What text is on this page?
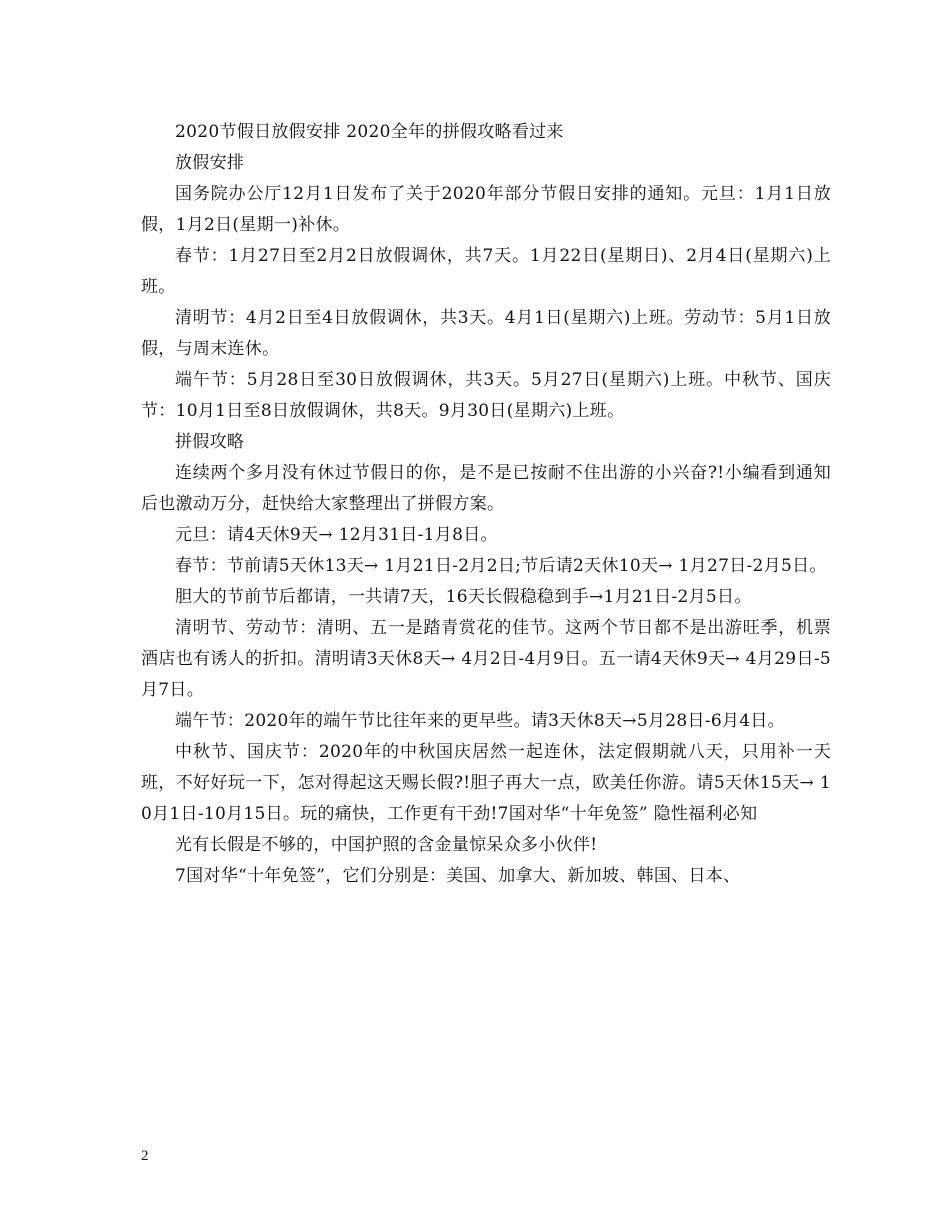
2020节假日放假安排 2020全年的拼假攻略看过来

放假安排

国务院办公厅12月1日发布了关于2020年部分节假日安排的通知。元旦：1月1日放假，1月2日(星期一)补休。

春节：1月27日至2月2日放假调休，共7天。1月22日(星期日)、2月4日(星期六)上班。

清明节：4月2日至4日放假调休，共3天。4月1日(星期六)上班。劳动节：5月1日放假，与周末连休。

端午节：5月28日至30日放假调休，共3天。5月27日(星期六)上班。中秋节、国庆节：10月1日至8日放假调休，共8天。9月30日(星期六)上班。

拼假攻略

连续两个多月没有休过节假日的你，是不是已按耐不住出游的小兴奋?!小编看到通知后也激动万分，赶快给大家整理出了拼假方案。

元旦：请4天休9天→ 12月31日-1月8日。

春节：节前请5天休13天→ 1月21日-2月2日;节后请2天休10天→ 1月27日-2月5日。

胆大的节前节后都请，一共请7天，16天长假稳稳到手→1月21日-2月5日。

清明节、劳动节：清明、五一是踏青赏花的佳节。这两个节日都不是出游旺季，机票酒店也有诱人的折扣。清明请3天休8天→ 4月2日-4月9日。五一请4天休9天→ 4月29日-5月7日。

端午节：2020年的端午节比往年来的更早些。请3天休8天→5月28日-6月4日。

中秋节、国庆节：2020年的中秋国庆居然一起连休，法定假期就八天，只用补一天班，不好好玩一下，怎对得起这天赐长假?!胆子再大一点，欧美任你游。请5天休15天→ 10月1日-10月15日。玩的痛快，工作更有干劲!7国对华“十年免签” 隐性福利必知

光有长假是不够的，中国护照的含金量惊呆众多小伙伴!

7国对华“十年免签”，它们分别是：美国、加拿大、新加坡、韩国、日本、

2
